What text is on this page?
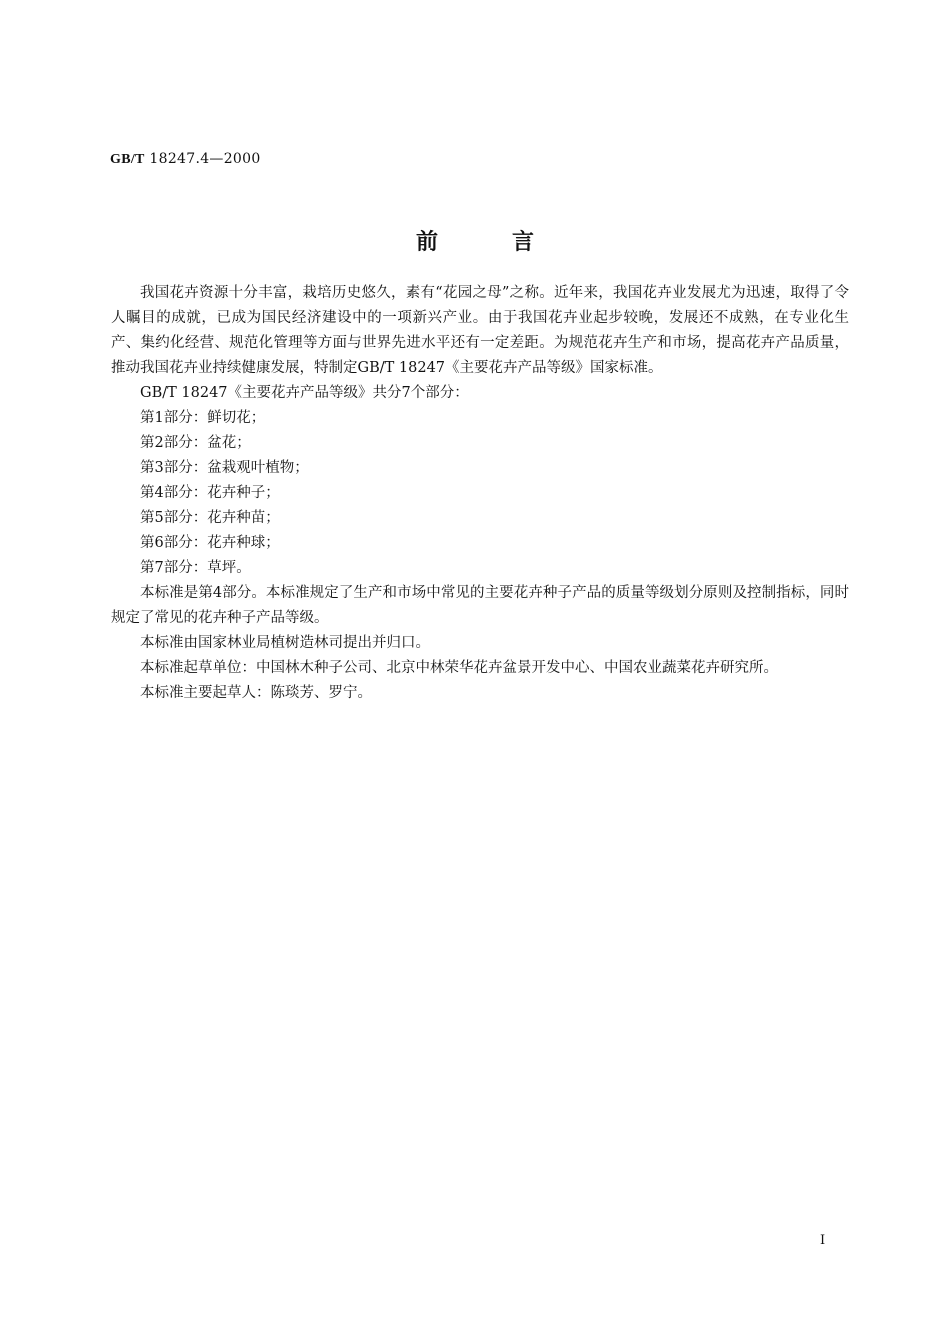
GB/T 18247.4—2000
前	言

我国花卉资源十分丰富，栽培历史悠久，素有“花园之母”之称。近年来，我国花卉业发展尤为迅速，取得了令人瞩目的成就，已成为国民经济建设中的一项新兴产业。由于我国花卉业起步较晚，发展还不成熟，在专业化生产、集约化经营、规范化管理等方面与世界先进水平还有一定差距。为规范花卉生产和市场，提高花卉产品质量，推动我国花卉业持续健康发展，特制定GB/T 18247《主要花卉产品等级》国家标准。

GB/T 18247《主要花卉产品等级》共分7个部分：

第1部分：鲜切花；

第2部分：盆花；

第3部分：盆栽观叶植物；

第4部分：花卉种子；

第5部分：花卉种苗；

第6部分：花卉种球；

第7部分：草坪。

本标准是第4部分。本标准规定了生产和市场中常见的主要花卉种子产品的质量等级划分原则及控制指标，同时规定了常见的花卉种子产品等级。

本标准由国家林业局植树造林司提出并归口。

本标准起草单位：中国林木种子公司、北京中林荣华花卉盆景开发中心、中国农业蔬菜花卉研究所。

本标准主要起草人：陈琰芳、罗宁。

I
